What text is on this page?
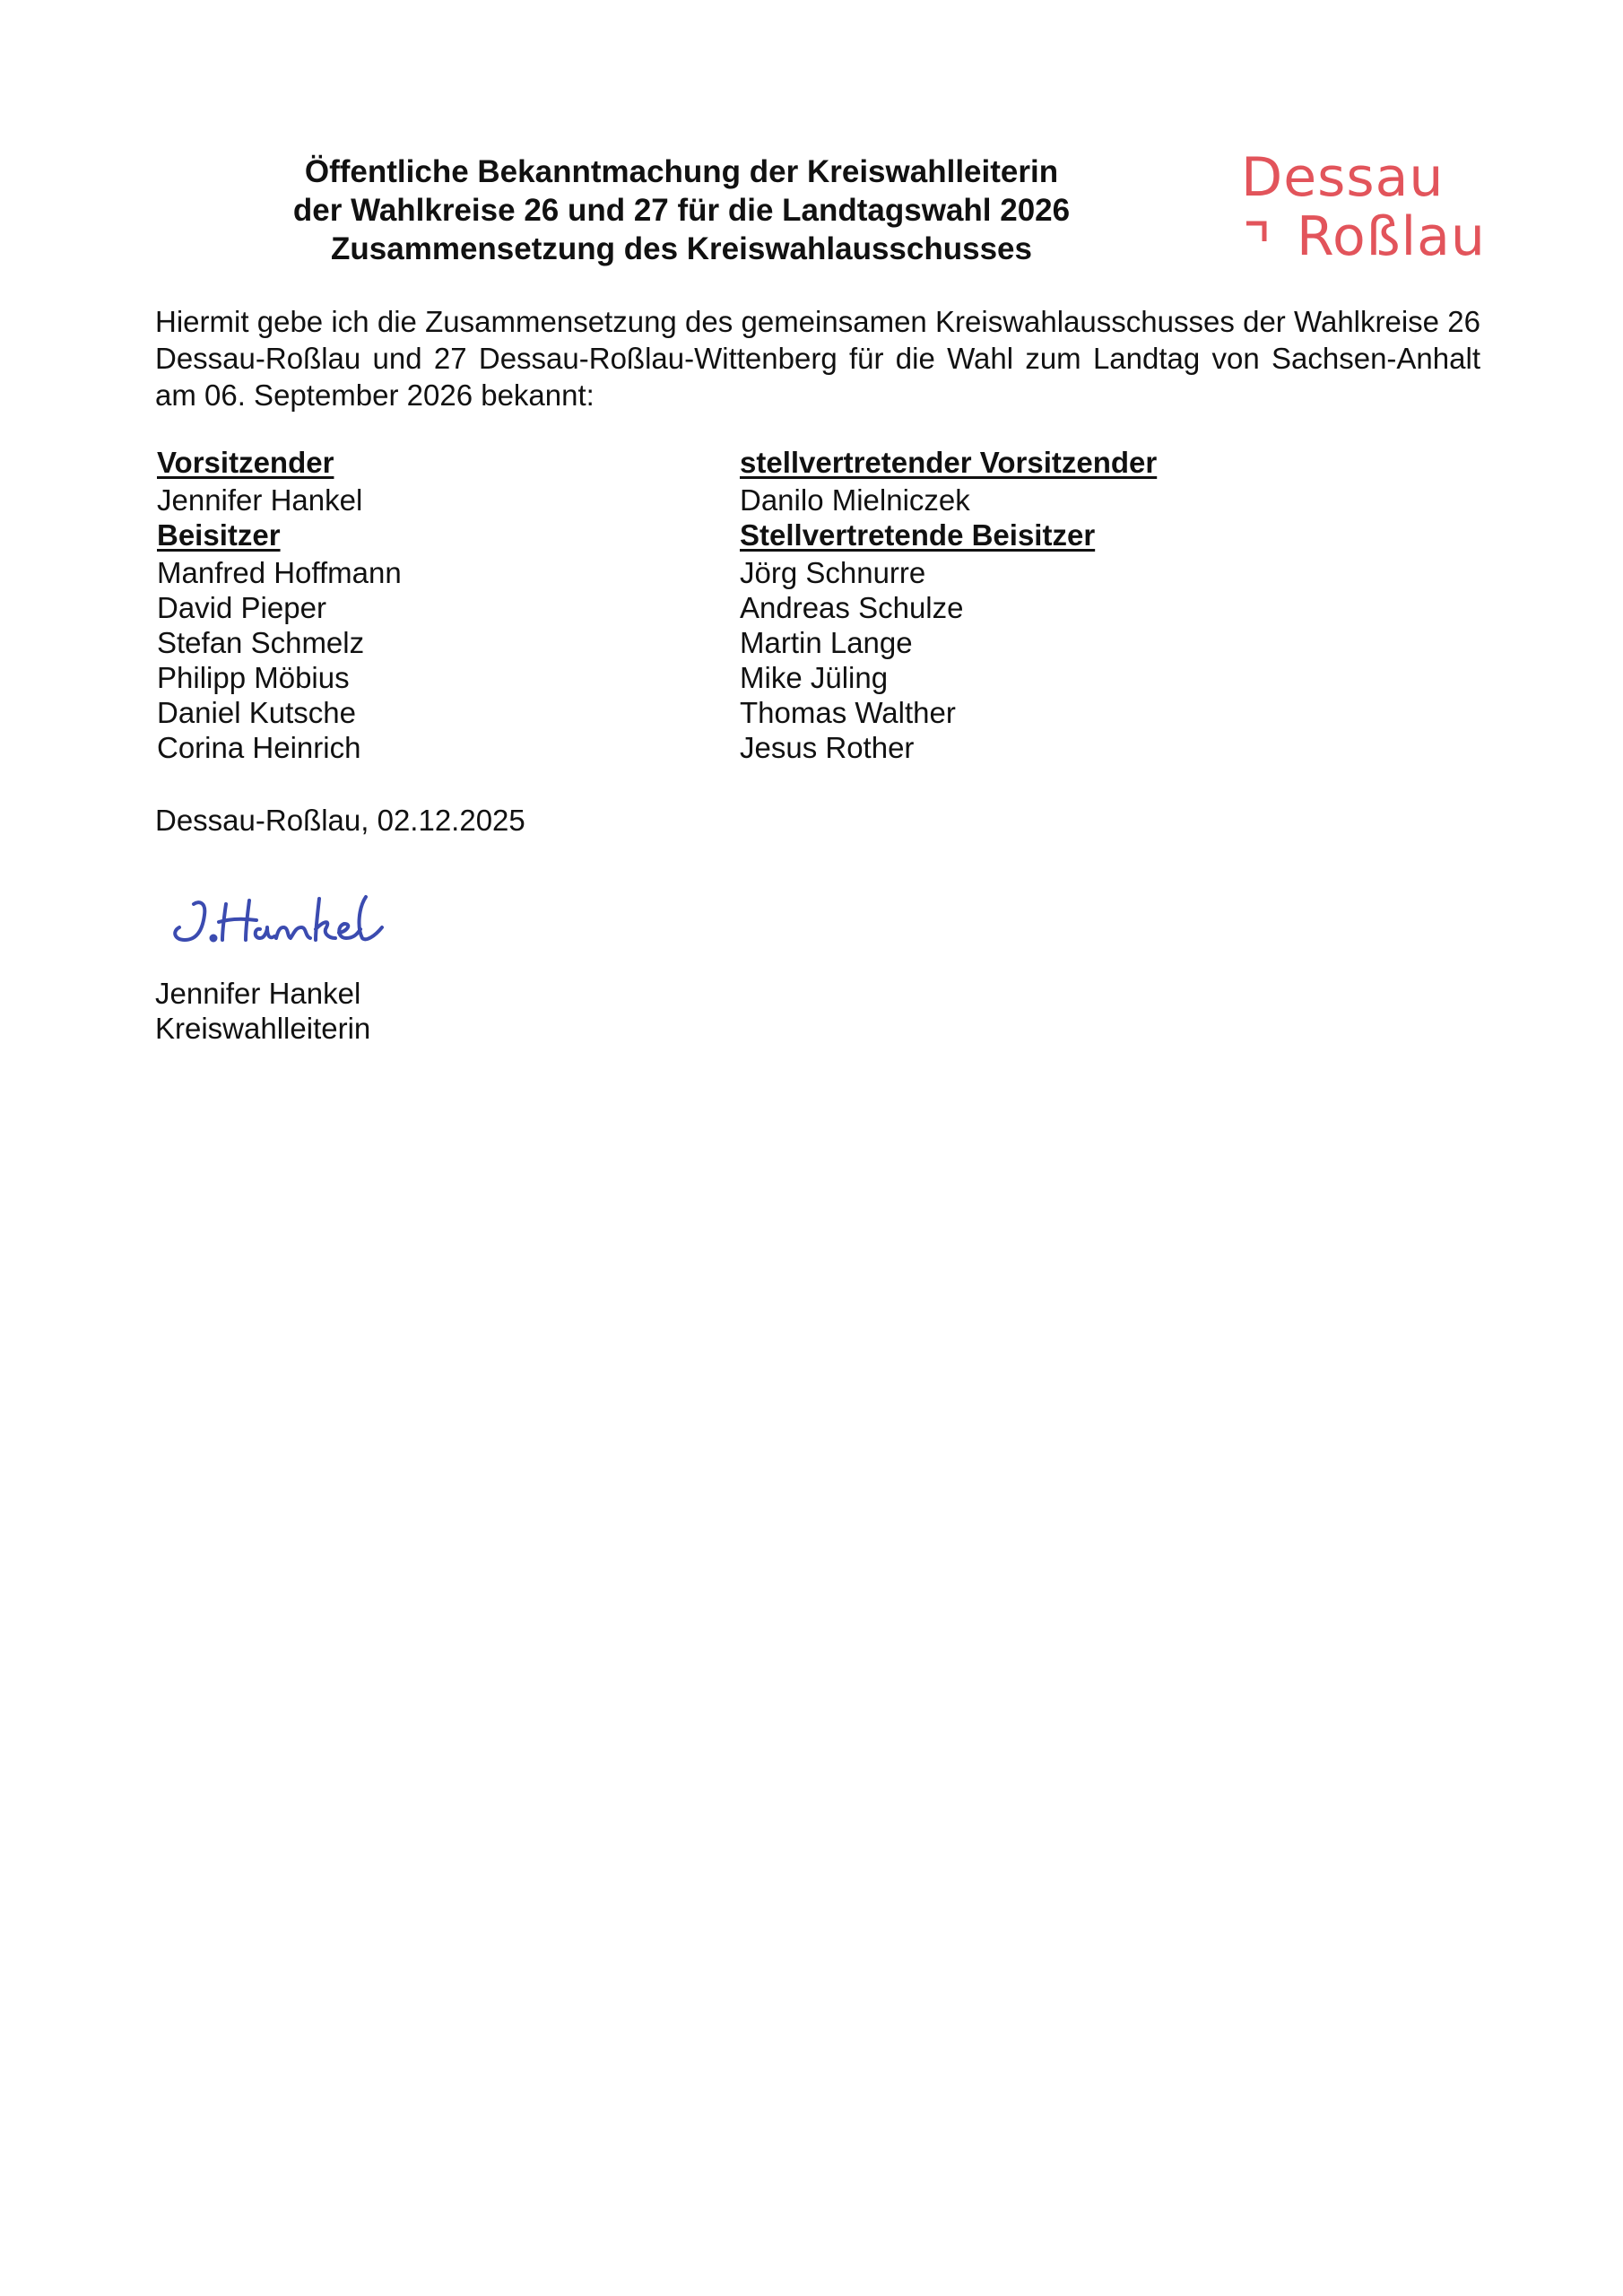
Öffentliche Bekanntmachung der Kreiswahlleiterin
der Wahlkreise 26 und 27 für die Landtagswahl 2026
Zusammensetzung des Kreiswahlausschusses
Dessau
Roßlau

Hiermit gebe ich die Zusammensetzung des gemeinsamen Kreiswahlausschusses der Wahlkreise 26 Dessau-Roßlau und 27 Dessau-Roßlau-Wittenberg für die Wahl zum Landtag von Sachsen-Anhalt am 06. September 2026 bekannt:

Vorsitzender
Jennifer Hankel
Beisitzer
Manfred Hoffmann
David Pieper
Stefan Schmelz
Philipp Möbius
Daniel Kutsche
Corina Heinrich
stellvertretender Vorsitzender
Danilo Mielniczek
Stellvertretende Beisitzer
Jörg Schnurre
Andreas Schulze
Martin Lange
Mike Jüling
Thomas Walther
Jesus Rother
Dessau-Roßlau, 02.12.2025
Jennifer Hankel
Kreiswahlleiterin
